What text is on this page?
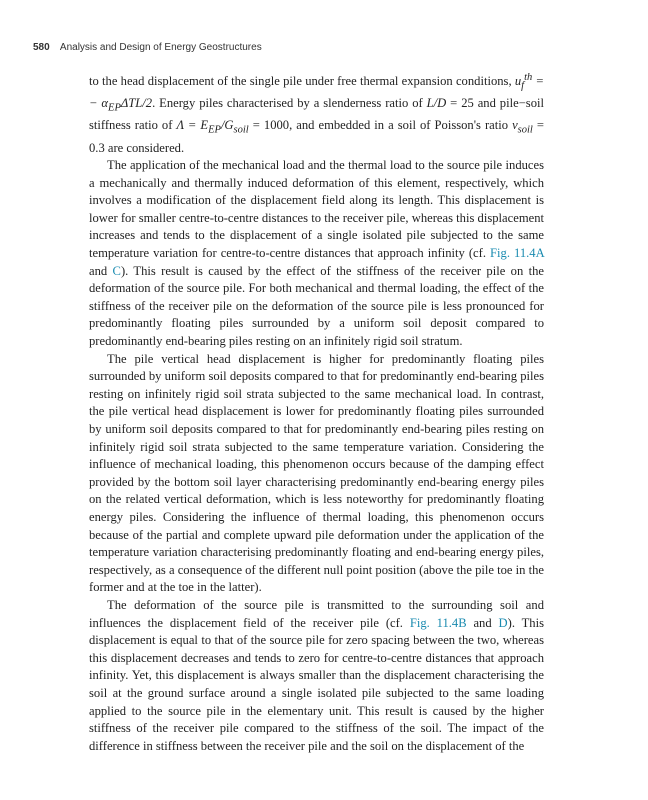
580 Analysis and Design of Energy Geostructures

to the head displacement of the single pile under free thermal expansion conditions, $u_f^{th}$ = − $\alpha_{EP}\Delta TL/2$. Energy piles characterised by a slenderness ratio of L/D = 25 and pile−soil stiffness ratio of $\Lambda = E_{EP}/G_{soil} = 1000$, and embedded in a soil of Poisson's ratio $\nu_{soil} = 0.3$ are considered.

The application of the mechanical load and the thermal load to the source pile induces a mechanically and thermally induced deformation of this element, respectively, which involves a modification of the displacement field along its length. This displacement is lower for smaller centre-to-centre distances to the receiver pile, whereas this displacement increases and tends to the displacement of a single isolated pile subjected to the same temperature variation for centre-to-centre distances that approach infinity (cf. Fig. 11.4A and C). This result is caused by the effect of the stiffness of the receiver pile on the deformation of the source pile. For both mechanical and thermal loading, the effect of the stiffness of the receiver pile on the deformation of the source pile is less pronounced for predominantly floating piles surrounded by a uniform soil deposit compared to predominantly end-bearing piles resting on an infinitely rigid soil stratum.

The pile vertical head displacement is higher for predominantly floating piles surrounded by uniform soil deposits compared to that for predominantly end-bearing piles resting on infinitely rigid soil strata subjected to the same mechanical load. In contrast, the pile vertical head displacement is lower for predominantly floating piles surrounded by uniform soil deposits compared to that for predominantly end-bearing piles resting on infinitely rigid soil strata subjected to the same temperature variation. Considering the influence of mechanical loading, this phenomenon occurs because of the damping effect provided by the bottom soil layer characterising predominantly end-bearing energy piles on the related vertical deformation, which is less noteworthy for predominantly floating energy piles. Considering the influence of thermal loading, this phenomenon occurs because of the partial and complete upward pile deformation under the application of the temperature variation characterising predominantly floating and end-bearing energy piles, respectively, as a consequence of the different null point position (above the pile toe in the former and at the toe in the latter).

The deformation of the source pile is transmitted to the surrounding soil and influences the displacement field of the receiver pile (cf. Fig. 11.4B and D). This displacement is equal to that of the source pile for zero spacing between the two, whereas this displacement decreases and tends to zero for centre-to-centre distances that approach infinity. Yet, this displacement is always smaller than the displacement characterising the soil at the ground surface around a single isolated pile subjected to the same loading applied to the source pile in the elementary unit. This result is caused by the higher stiffness of the receiver pile compared to the stiffness of the soil. The impact of the difference in stiffness between the receiver pile and the soil on the displacement of the
